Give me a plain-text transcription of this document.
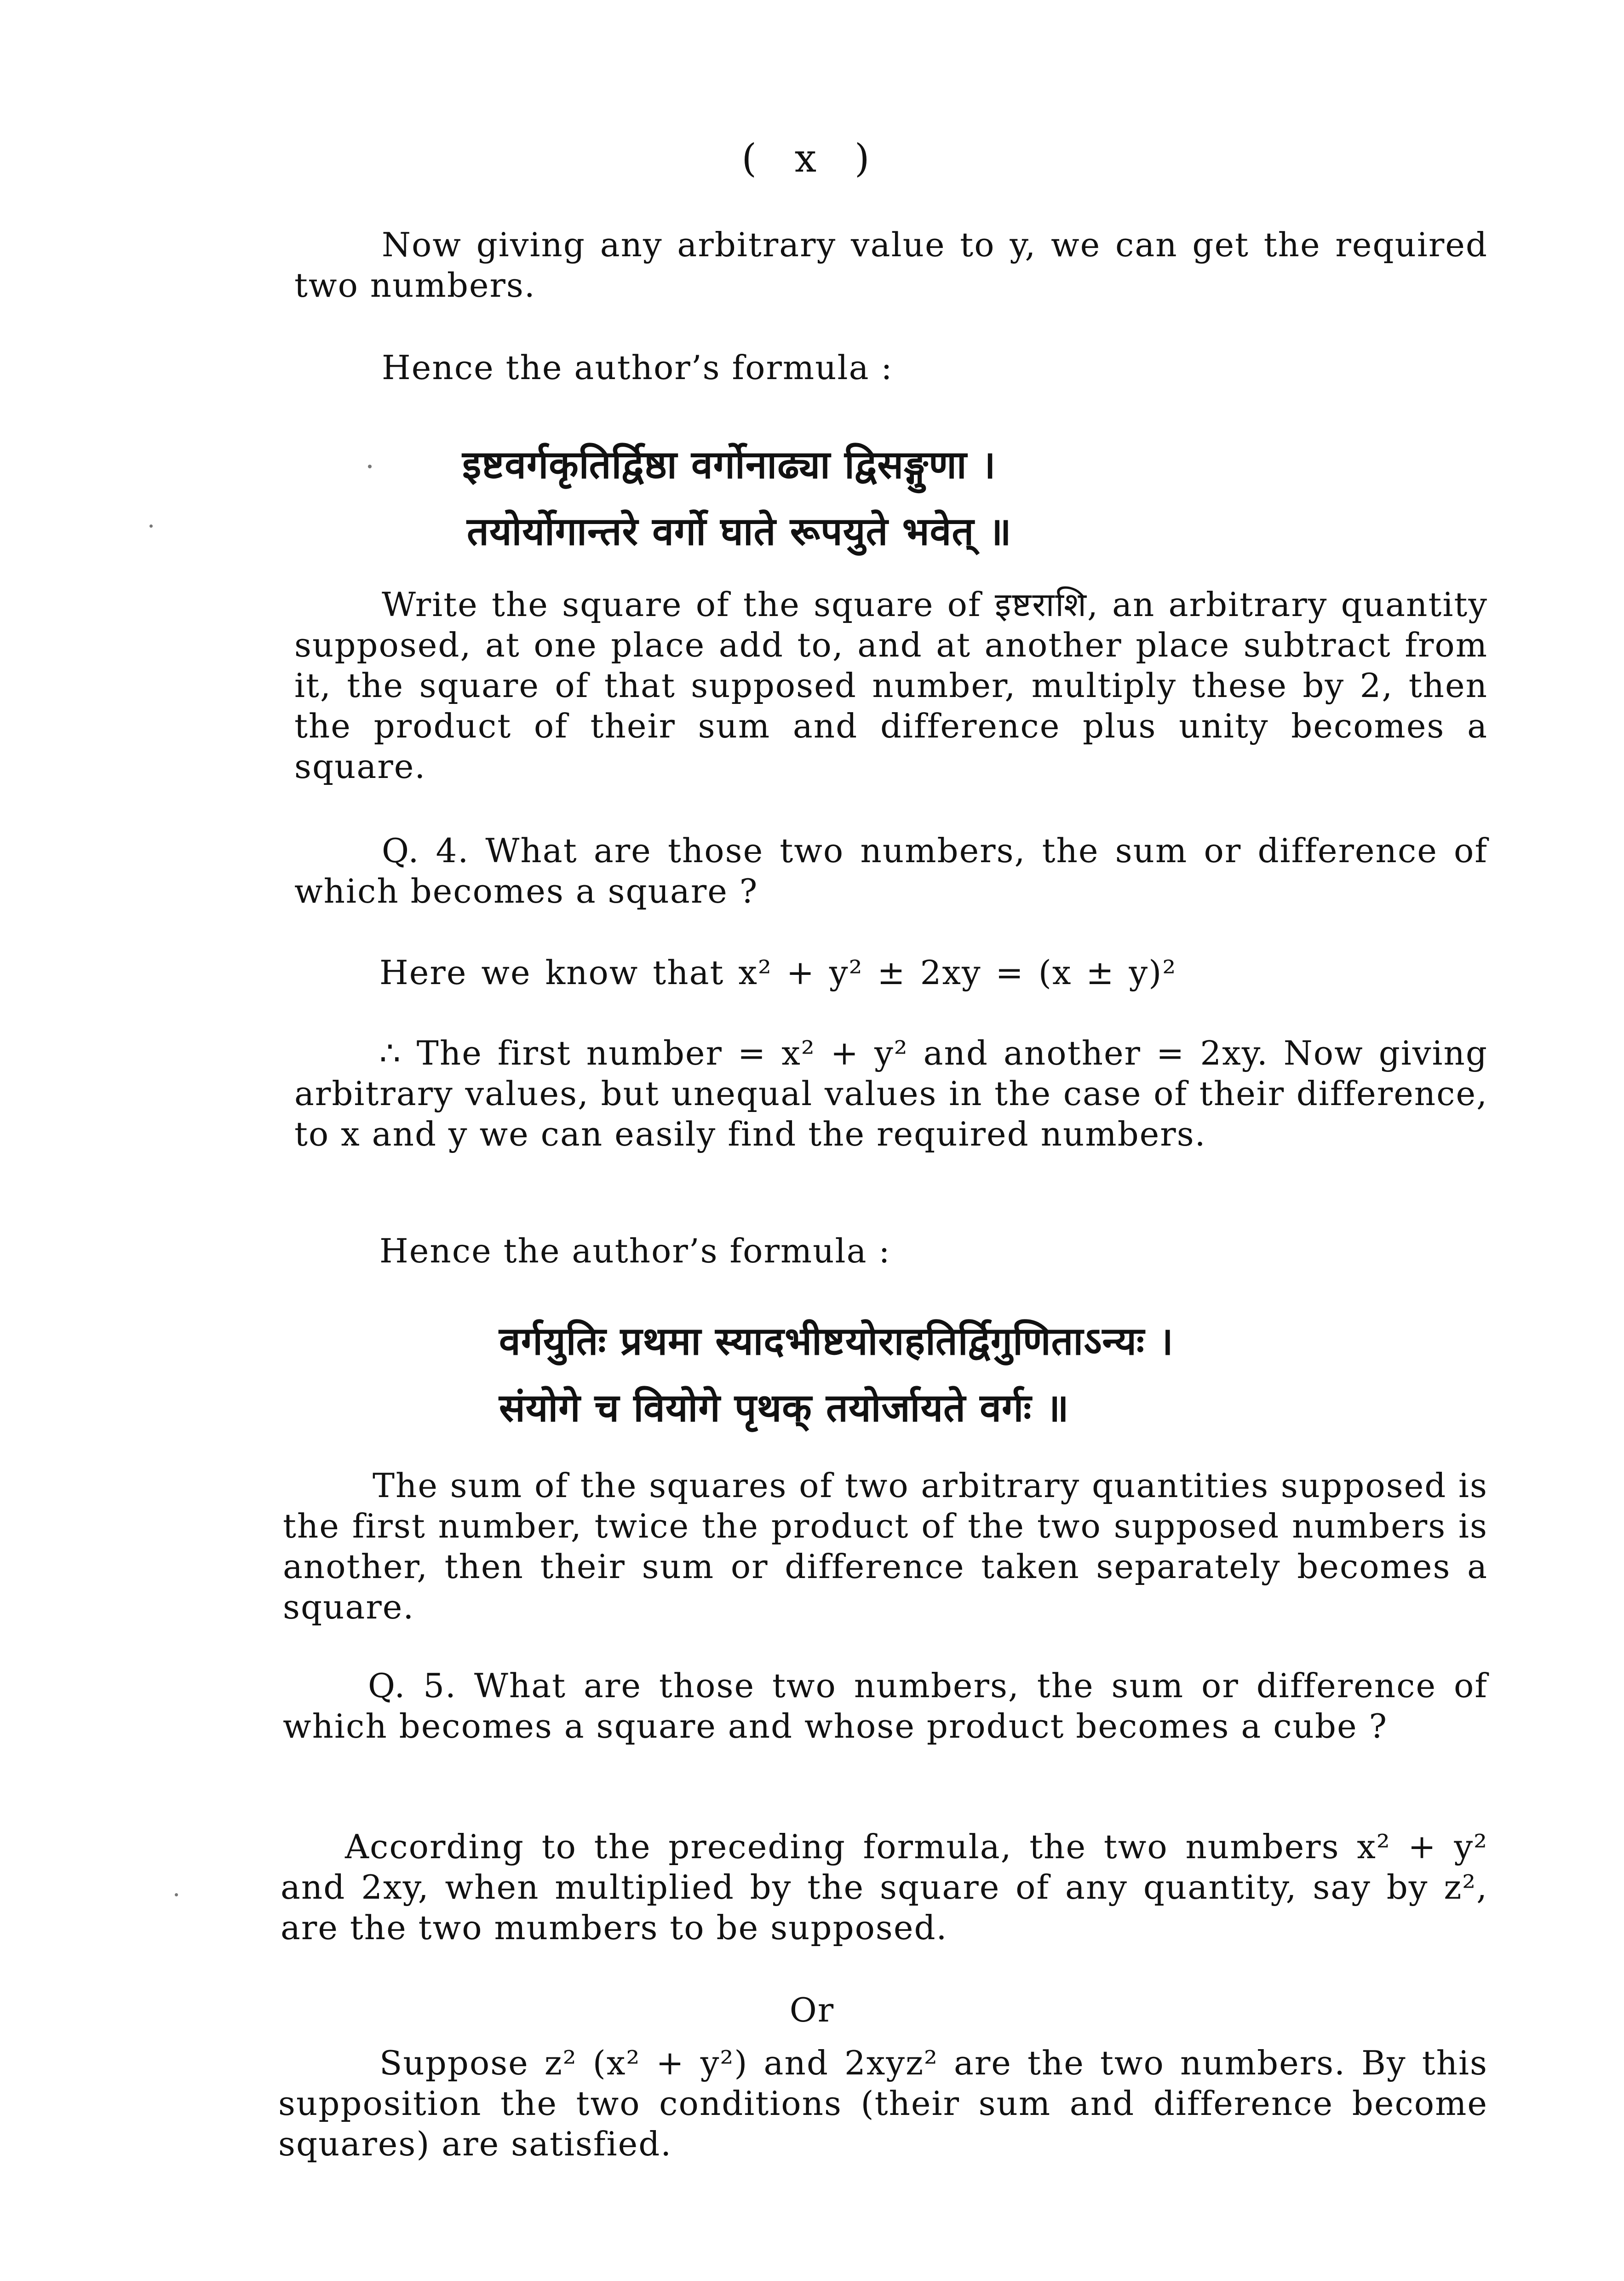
( x )

Now giving any arbitrary value to y, we can get the required two numbers.

Hence the author’s formula :

इष्टवर्गकृतिर्द्विष्ठा वर्गोनाढ्या द्विसङ्गुणा ।
तयोर्योगान्तरे वर्गो घाते रूपयुते भवेत् ॥

Write the square of the square of इष्टराशि, an arbitrary quantity supposed, at one place add to, and at another place subtract from it, the square of that supposed number, multiply these by 2, then the product of their sum and difference plus unity becomes a square.

Q. 4. What are those two numbers, the sum or difference of which becomes a square ?

Here we know that x² + y² ± 2xy = (x ± y)²

∴ The first number = x² + y² and another = 2xy. Now giving arbitrary values, but unequal values in the case of their difference, to x and y we can easily find the required numbers.

Hence the author’s formula :

वर्गयुतिः प्रथमा स्यादभीष्टयोराहतिर्द्विगुणिताऽन्यः ।
संयोगे च वियोगे पृथक् तयोर्जायते वर्गः ॥

The sum of the squares of two arbitrary quantities supposed is the first number, twice the product of the two supposed numbers is another, then their sum or difference taken separately becomes a square.

Q. 5. What are those two numbers, the sum or difference of which becomes a square and whose product becomes a cube ?

According to the preceding formula, the two numbers x² + y² and 2xy, when multiplied by the square of any quantity, say by z², are the two mumbers to be supposed.

Or

Suppose z² (x² + y²) and 2xyz² are the two numbers. By this supposition the two conditions (their sum and difference become squares) are satisfied.
